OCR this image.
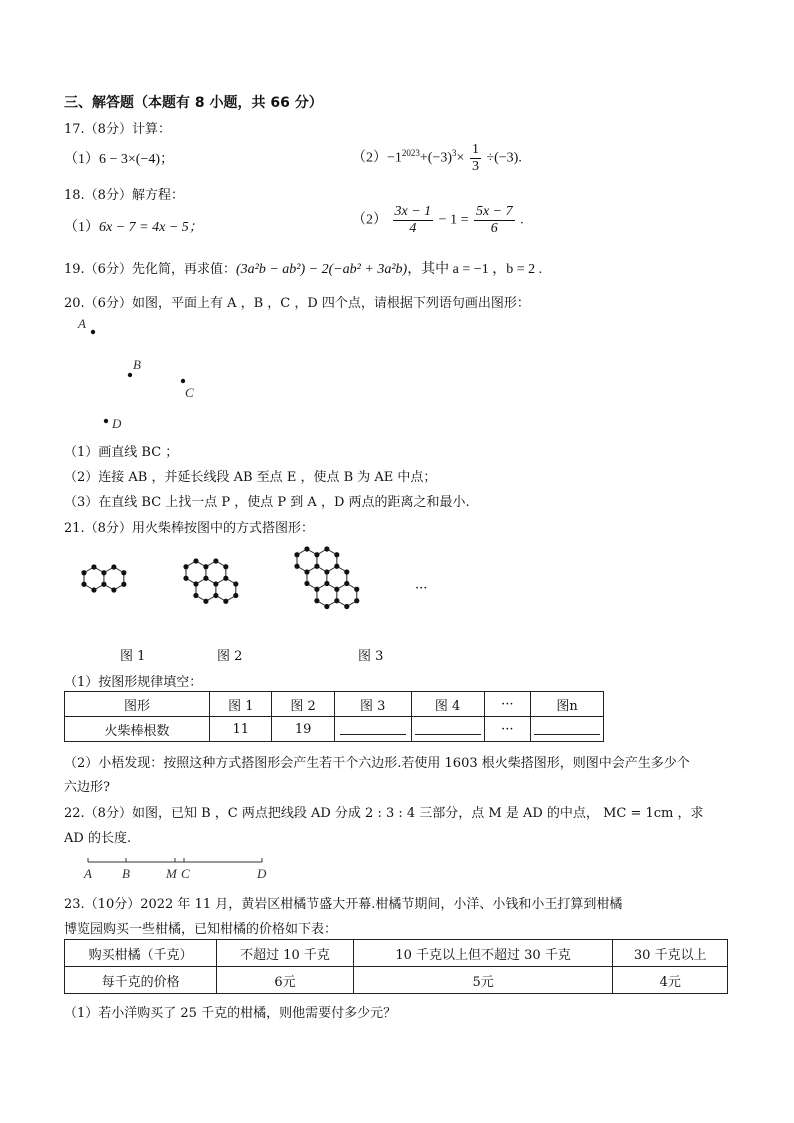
三、解答题（本题有 8 小题，共 66 分）
17.（8分）计算：
（1）6 − 3×(−4)；	$(2)-1^{2023}+(-3)^3\times \frac{1}{3} \div(-3)$.
18.（8分）解方程：
（1）6x − 7 = 4x − 5；	$(2) \frac{3x - 1}{4} - 1 = \frac{5x - 7}{6}$ .
19.（6分）先化简，再求值：(3a²b − ab²) − 2(−ab² + 3a²b)，其中 a = −1 ，b = 2 .
20.（6分）如图，平面上有 A ，B ，C ，D 四个点，请根据下列语句画出图形：
A
B
C
D
（1）画直线 BC ；
（2）连接 AB ，并延长线段 AB 至点 E ，使点 B 为 AE 中点；
（3）在直线 BC 上找一点 P ，使点 P 到 A ，D 两点的距离之和最小.
21.（8分）用火柴棒按图中的方式搭图形：
···
图 1	图 2	图 3
（1）按图形规律填空：
图形	图 1	图 2	图 3	图 4	···	图n
火柴棒根数	11	19			···	
（2）小梧发现：按照这种方式搭图形会产生若干个六边形.若使用 1603 根火柴搭图形，则图中会产生多少个
六边形?
22.（8分）如图，已知 B ，C 两点把线段 AD 分成 2 : 3 : 4 三部分，点 M 是 AD 的中点， MC = 1cm ，求
AD 的长度.
A B	M C	D
23.（10分）2022 年 11 月，黄岩区柑橘节盛大开幕.柑橘节期间，小洋、小钱和小王打算到柑橘
博览园购买一些柑橘，已知柑橘的价格如下表：
购买柑橘（千克）	不超过 10 千克	10 千克以上但不超过 30 千克	30 千克以上
每千克的价格	6元	5元	4元
（1）若小洋购买了 25 千克的柑橘，则他需要付多少元？
